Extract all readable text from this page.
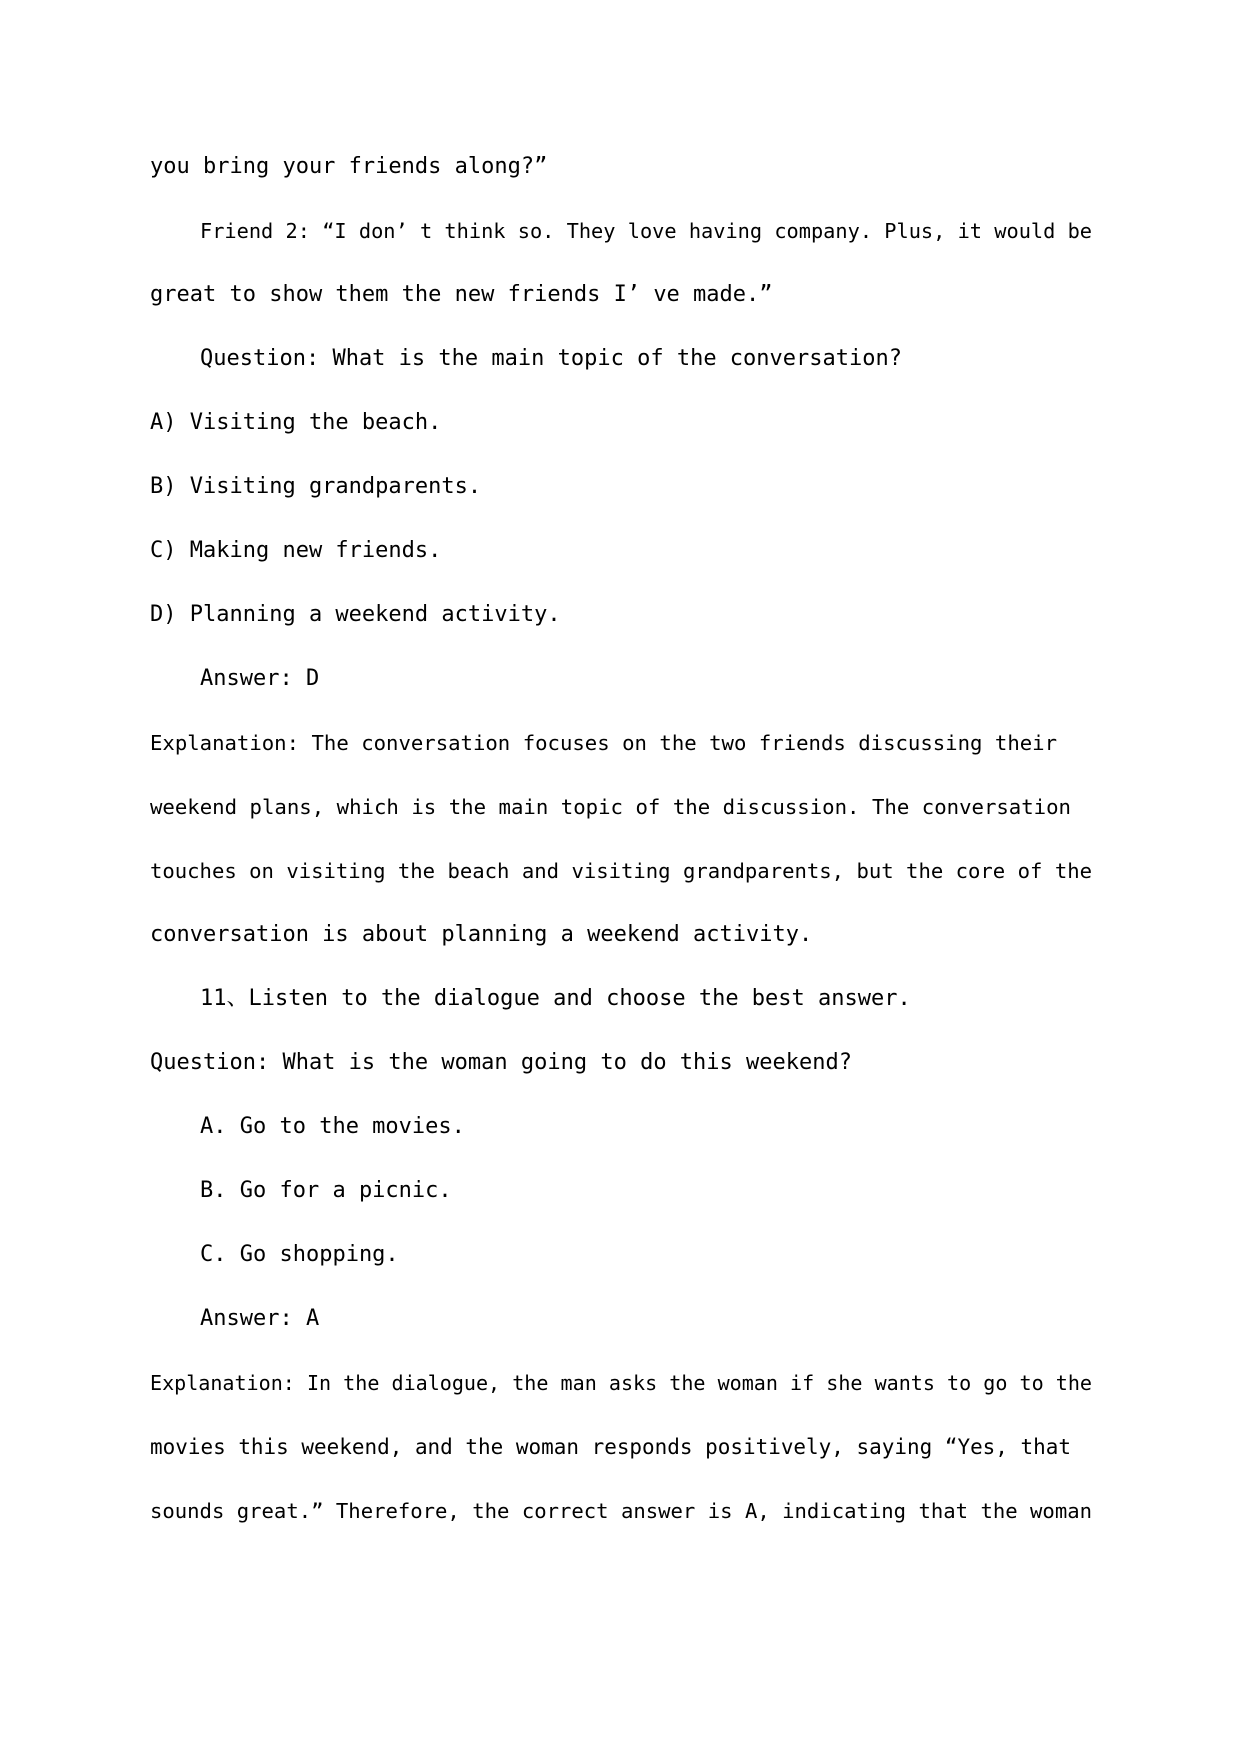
you bring your friends along?”
Friend 2: “I don’ t think so. They love having company. Plus, it would be
great to show them the new friends I’ ve made.”
Question: What is the main topic of the conversation?
A) Visiting the beach.
B) Visiting grandparents.
C) Making new friends.
D) Planning a weekend activity.
Answer: D
Explanation: The conversation focuses on the two friends discussing their
weekend plans, which is the main topic of the discussion. The conversation
touches on visiting the beach and visiting grandparents, but the core of the
conversation is about planning a weekend activity.
11、Listen to the dialogue and choose the best answer.
Question: What is the woman going to do this weekend?
A. Go to the movies.
B. Go for a picnic.
C. Go shopping.
Answer: A
Explanation: In the dialogue, the man asks the woman if she wants to go to the
movies this weekend, and the woman responds positively, saying “Yes, that
sounds great.” Therefore, the correct answer is A, indicating that the woman
